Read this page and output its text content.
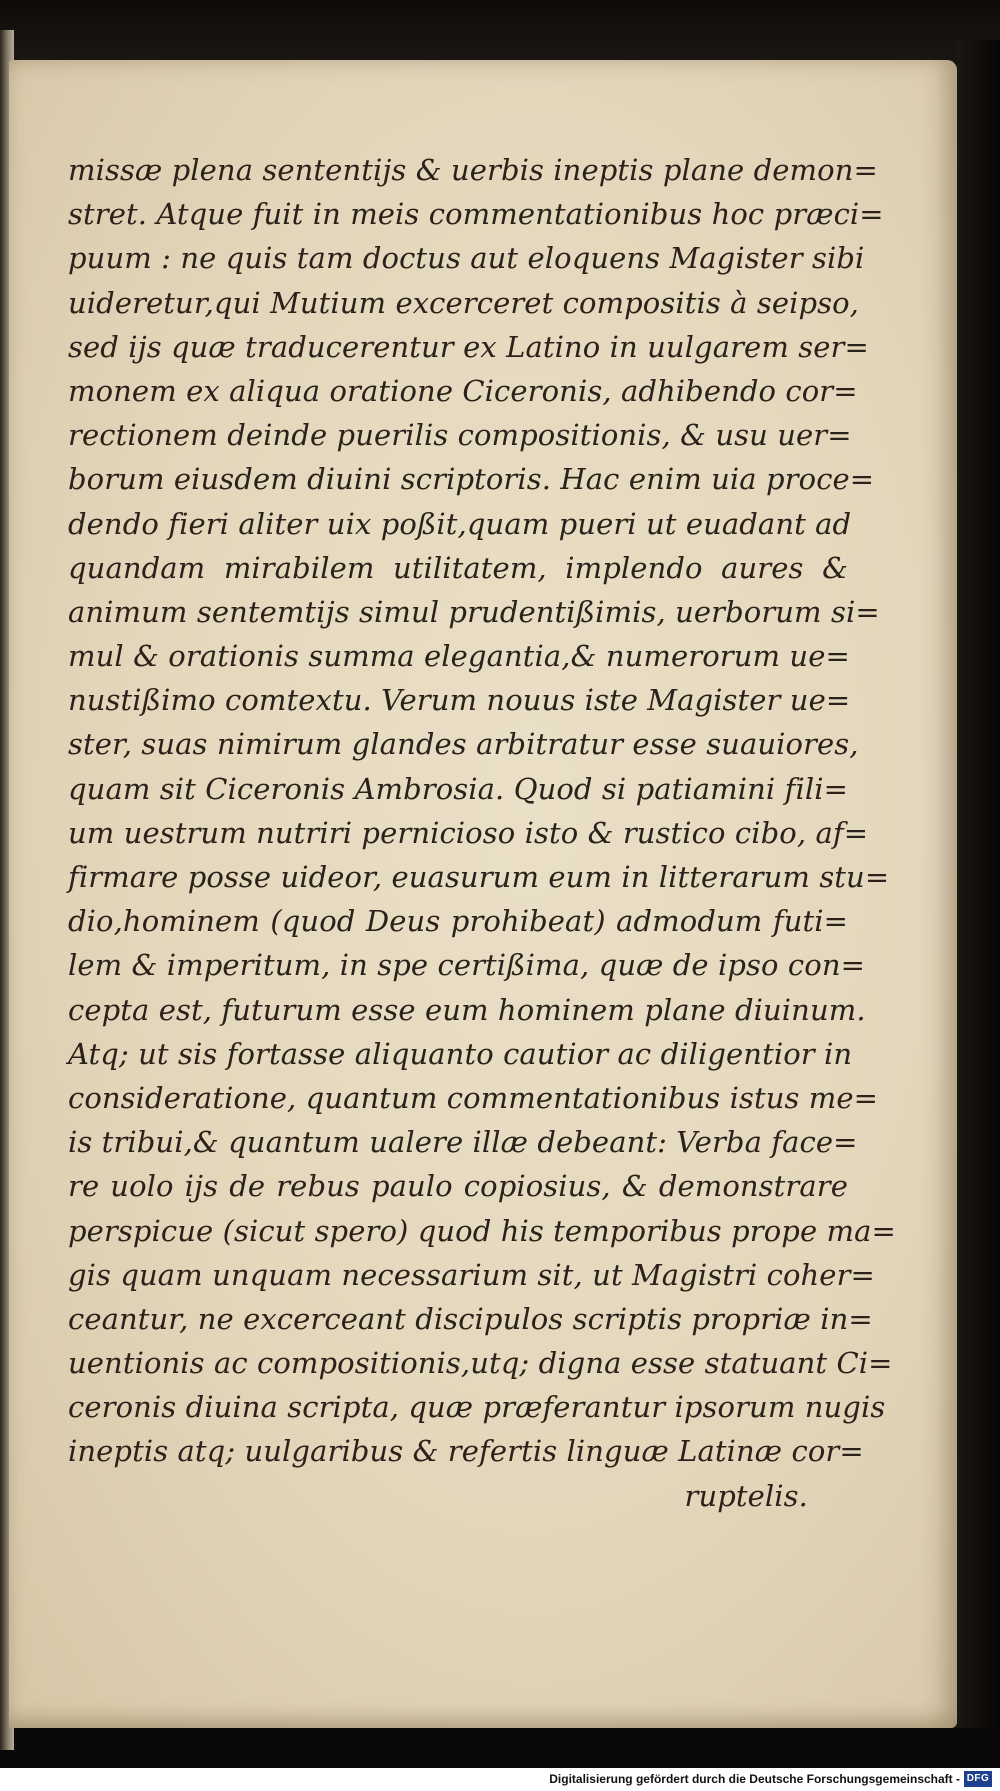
missæ plena sententijs & uerbis ineptis plane demon=
stret. Atque fuit in meis commentationibus hoc præci=
puum : ne quis tam doctus aut eloquens Magister sibi
uideretur,qui Mutium excerceret compositis à seipso,
sed ijs quæ traducerentur ex Latino in uulgarem ser=
monem ex aliqua oratione Ciceronis, adhibendo cor=
rectionem deinde puerilis compositionis, & usu uer=
borum eiusdem diuini scriptoris. Hac enim uia proce=
dendo fieri aliter uix poßit,quam pueri ut euadant ad
quandam mirabilem utilitatem, implendo aures &
animum sentemtijs simul prudentißimis, uerborum si=
mul & orationis summa elegantia,& numerorum ue=
nustißimo comtextu. Verum nouus iste Magister ue=
ster, suas nimirum glandes arbitratur esse suauiores,
quam sit Ciceronis Ambrosia. Quod si patiamini fili=
um uestrum nutriri pernicioso isto & rustico cibo, af=
firmare posse uideor, euasurum eum in litterarum stu=
dio,hominem (quod Deus prohibeat) admodum futi=
lem & imperitum, in spe certißima, quæ de ipso con=
cepta est, futurum esse eum hominem plane diuinum.
Atq; ut sis fortasse aliquanto cautior ac diligentior in
consideratione, quantum commentationibus istus me=
is tribui,& quantum ualere illæ debeant: Verba face=
re uolo ijs de rebus paulo copiosius, & demonstrare
perspicue (sicut spero) quod his temporibus prope ma=
gis quam unquam necessarium sit, ut Magistri coher=
ceantur, ne excerceant discipulos scriptis propriæ in=
uentionis ac compositionis,utq; digna esse statuant Ci=
ceronis diuina scripta, quæ præferantur ipsorum nugis
ineptis atq; uulgaribus & refertis linguæ Latinæ cor=
ruptelis.
Digitalisierung gefördert durch die Deutsche Forschungsgemeinschaft - DFG
